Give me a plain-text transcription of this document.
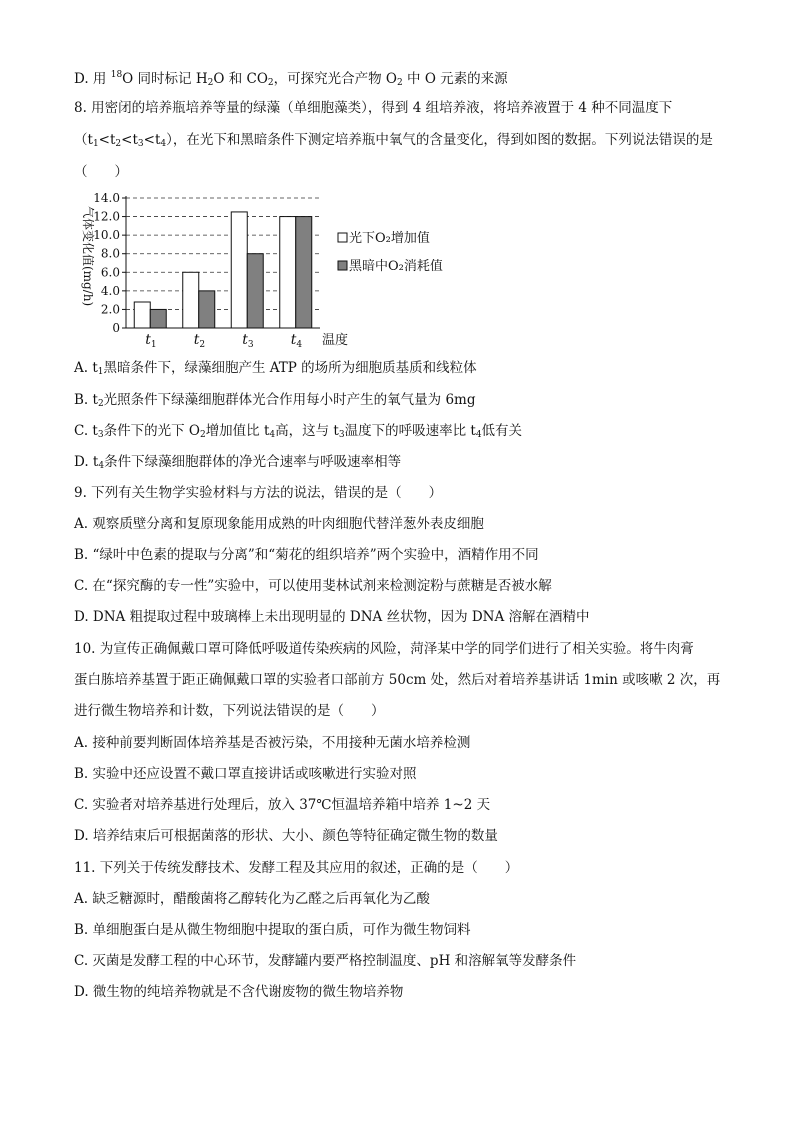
D. 用 $^{18}$O 同时标记 $H_2O$ 和 $CO_2$，可探究光合产物 $O_2$ 中 O 元素的来源
8. 用密闭的培养瓶培养等量的绿藻（单细胞藻类），得到 4 组培养液，将培养液置于 4 种不同温度下
$(t_1<t_2<t_3<t_4)$，在光下和黑暗条件下测定培养瓶中氧气的含量变化，得到如图的数据。下列说法错误的是
（　　）
0
2.0
4.0
6.0
8.0
10.0
12.0
14.0
气体变化值(mg/h)
$t_1$	$t_2$	$t_3$	$t_4$ 温度
光下O₂增加值
黑暗中O₂消耗值
A. $t_1$黑暗条件下，绿藻细胞产生 ATP 的场所为细胞质基质和线粒体
B. $t_2$光照条件下绿藻细胞群体光合作用每小时产生的氧气量为 6mg
C. $t_3$条件下的光下 $O_2$增加值比 $t_4$高，这与 $t_3$温度下的呼吸速率比 $t_4$低有关
D. $t_4$条件下绿藻细胞群体的净光合速率与呼吸速率相等
9. 下列有关生物学实验材料与方法的说法，错误的是（　　）
A. 观察质壁分离和复原现象能用成熟的叶肉细胞代替洋葱外表皮细胞
B. “绿叶中色素的提取与分离”和“菊花的组织培养”两个实验中，酒精作用不同
C. 在“探究酶的专一性”实验中，可以使用斐林试剂来检测淀粉与蔗糖是否被水解
D. DNA 粗提取过程中玻璃棒上未出现明显的 DNA 丝状物，因为 DNA 溶解在酒精中
10. 为宣传正确佩戴口罩可降低呼吸道传染疾病的风险，菏泽某中学的同学们进行了相关实验。将牛肉膏
蛋白胨培养基置于距正确佩戴口罩的实验者口部前方 50cm 处，然后对着培养基讲话 1min 或咳嗽 2 次，再
进行微生物培养和计数，下列说法错误的是（　　）
A. 接种前要判断固体培养基是否被污染，不用接种无菌水培养检测
B. 实验中还应设置不戴口罩直接讲话或咳嗽进行实验对照
C. 实验者对培养基进行处理后，放入 37℃恒温培养箱中培养 1~2 天
D. 培养结束后可根据菌落的形状、大小、颜色等特征确定微生物的数量
11. 下列关于传统发酵技术、发酵工程及其应用的叙述，正确的是（　　）
A. 缺乏糖源时，醋酸菌将乙醇转化为乙醛之后再氧化为乙酸
B. 单细胞蛋白是从微生物细胞中提取的蛋白质，可作为微生物饲料
C. 灭菌是发酵工程的中心环节，发酵罐内要严格控制温度、pH 和溶解氧等发酵条件
D. 微生物的纯培养物就是不含代谢废物的微生物培养物
